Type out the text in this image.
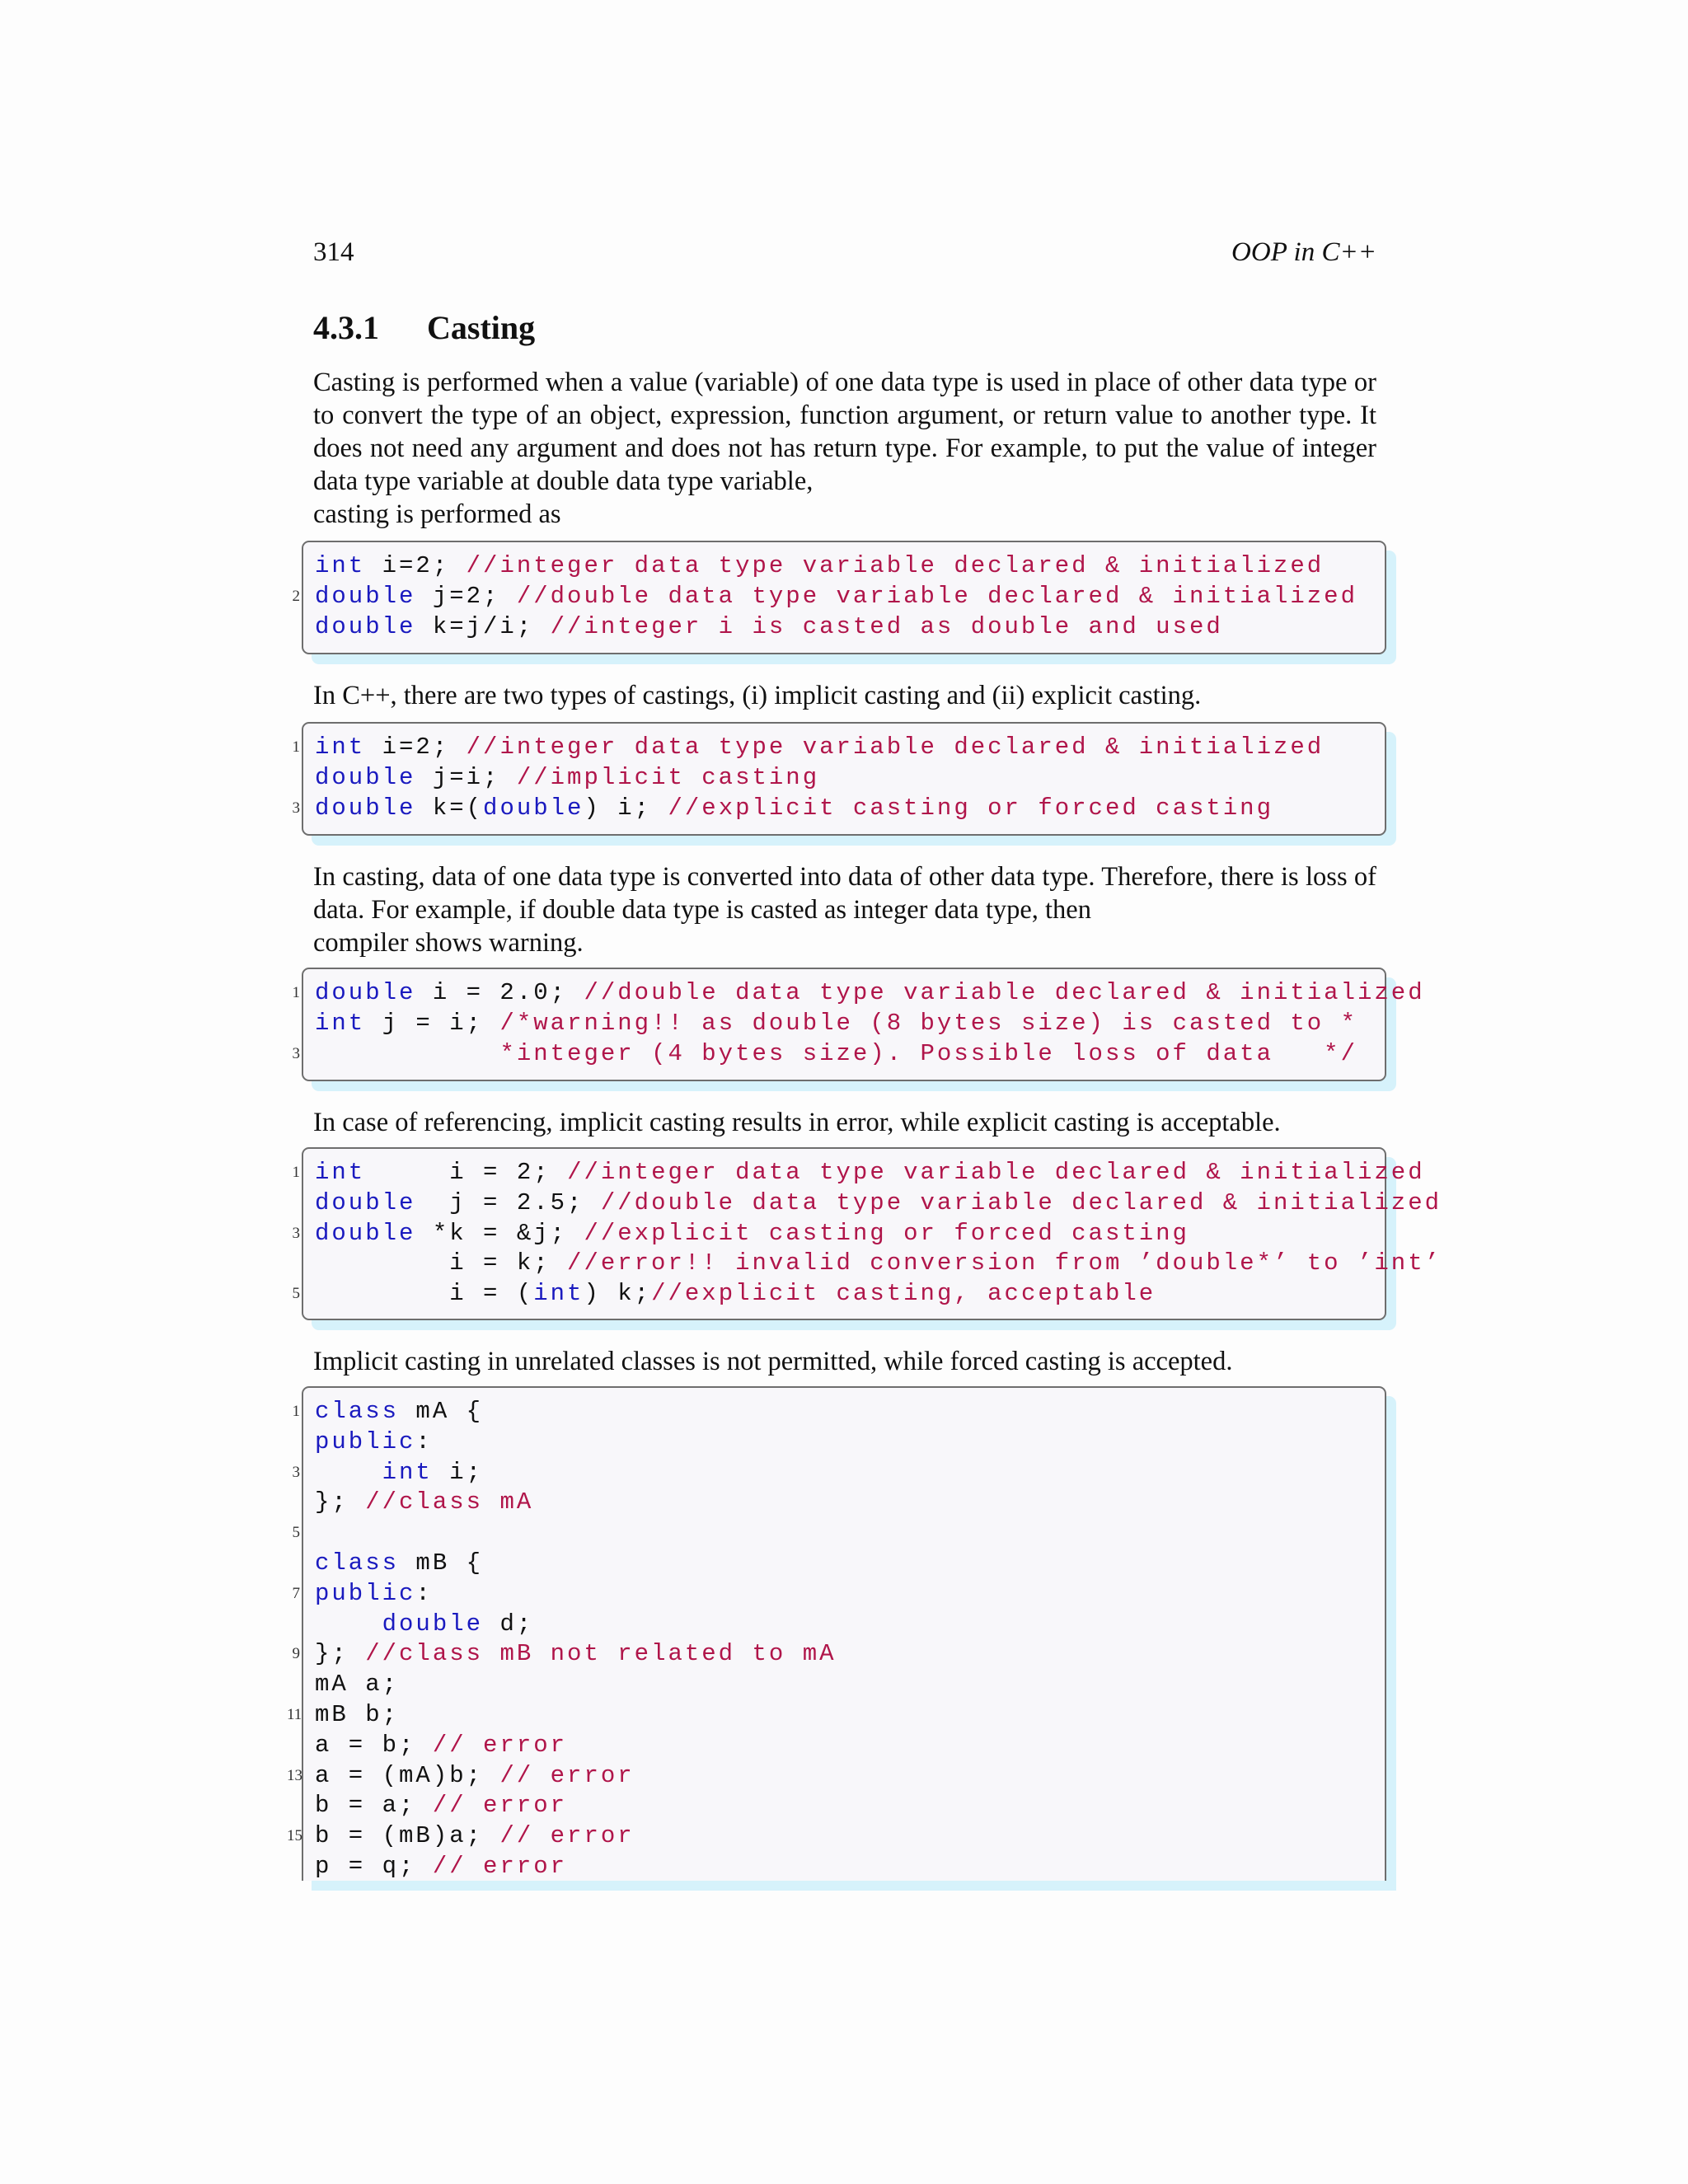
314	OOP in C++
4.3.1 Casting

Casting is performed when a value (variable) of one data type is used in place of other data type or to convert the type of an object, expression, function argument, or return value to another type. It does not need any argument and does not has return type. For example, to put the value of integer data type variable at double data type variable,

casting is performed as

int i=2; //integer data type variable declared & initialized
2 double j=2; //double data type variable declared & initialized
double k=j/i; //integer i is casted as double and used

In C++, there are two types of castings, (i) implicit casting and (ii) explicit casting.

1 int i=2; //integer data type variable declared & initialized
double j=i; //implicit casting
3 double k=(double) i; //explicit casting or forced casting

In casting, data of one data type is converted into data of other data type. Therefore, there is loss of data. For example, if double data type is casted as integer data type, then

compiler shows warning.

1 double i = 2.0; //double data type variable declared & initialized
int j = i; /*warning!! as double (8 bytes size) is casted to *
3	*integer (4 bytes size). Possible loss of data   */

In case of referencing, implicit casting results in error, while explicit casting is acceptable.

1 int     i = 2; //integer data type variable declared & initialized
double  j = 2.5; //double data type variable declared & initialized
3 double *k = &j; //explicit casting or forced casting
i = k; //error!! invalid conversion from ’double*’ to ’int’
5 i = (int) k;//explicit casting, acceptable

Implicit casting in unrelated classes is not permitted, while forced casting is accepted.

1 class mA {
public:
3	int i;
}; //class mA
5
class mB {
7 public:
double d;
9 }; //class mB not related to mA
mA a;
11 mB b;
a = b; // error
13 a = (mA)b; // error
b = a; // error
15 b = (mB)a; // error
p = q; // error
